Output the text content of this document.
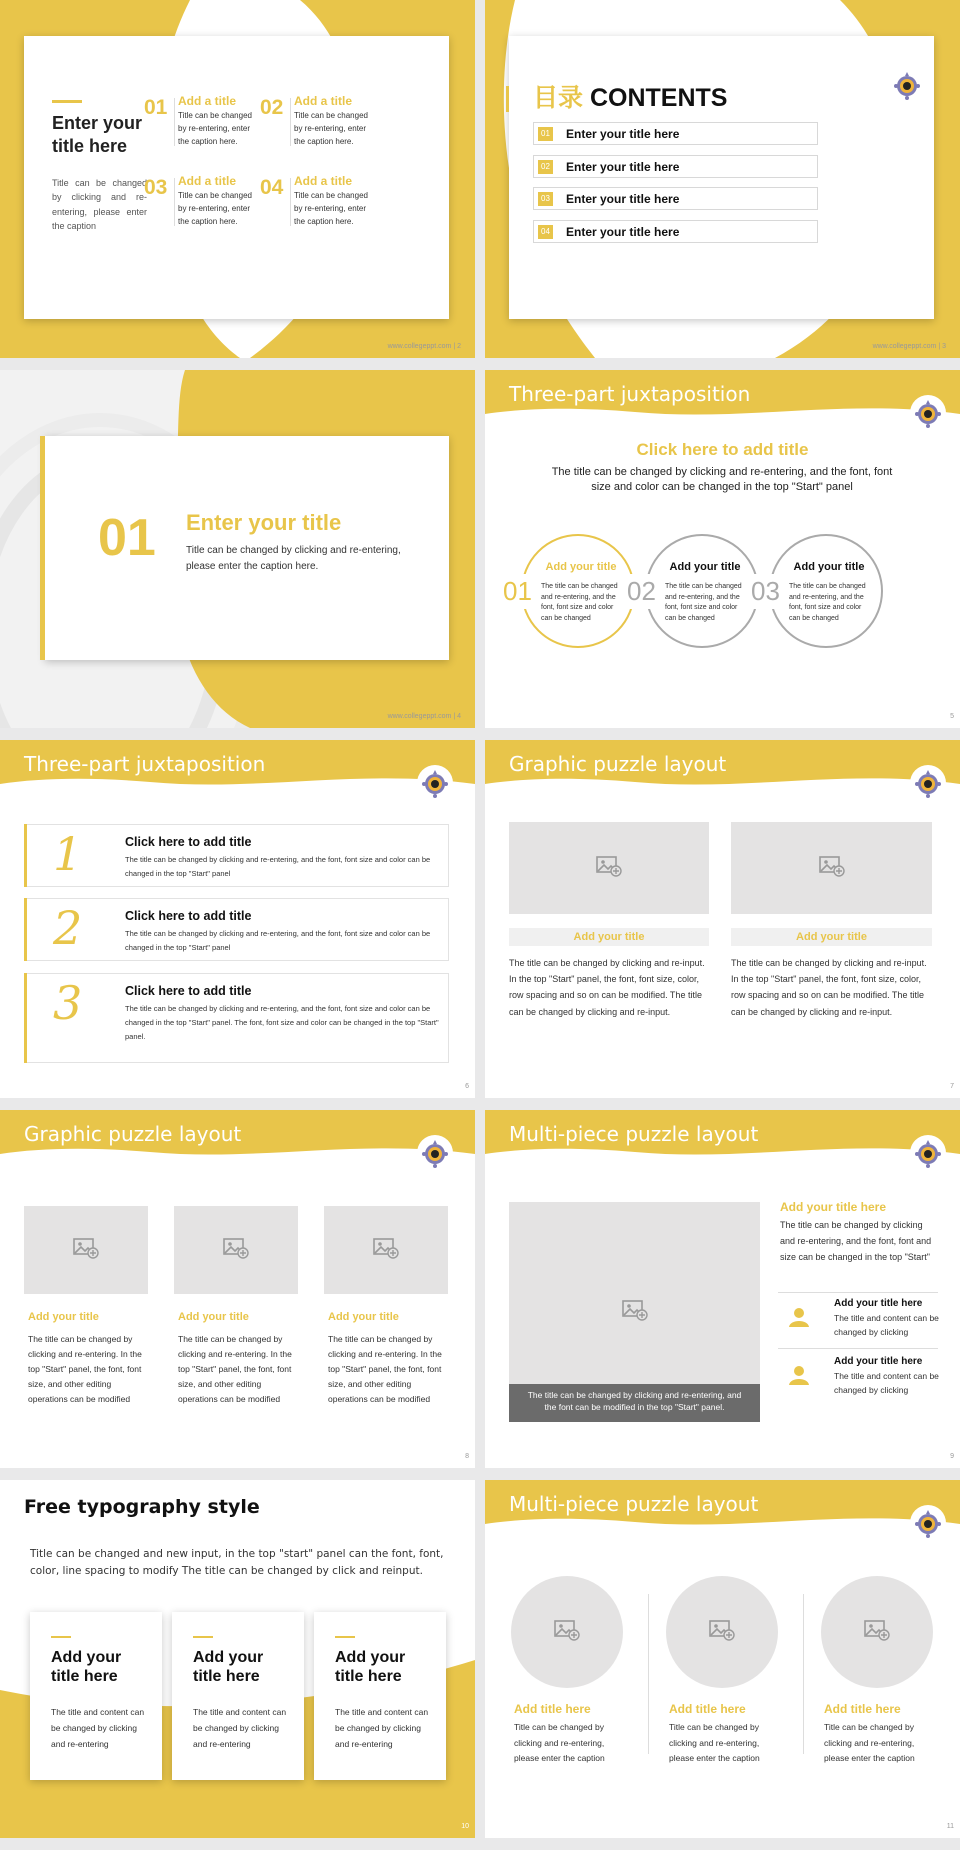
Enter your title here
Title can be changed by clicking and re-entering, please enter the caption
01 Add a title
Title can be changed by re-entering, enter the caption here.
02 Add a title
Title can be changed by re-entering, enter the caption here.
03 Add a title
Title can be changed by re-entering, enter the caption here.
04 Add a title
Title can be changed by re-entering, enter the caption here.
www.collegeppt.com | 2
目录 CONTENTS
01 Enter your title here
02 Enter your title here
03 Enter your title here
04 Enter your title here
www.collegeppt.com | 3
01 Enter your title
Title can be changed by clicking and re-entering, please enter the caption here.
www.collegeppt.com | 4
Three-part juxtaposition
Click here to add title
The title can be changed by clicking and re-entering, and the font, font size and color can be changed in the top "Start" panel
5
01
Add your title
The title can be changed and re-entering, and the font, font size and color can be changed
02
Add your title
The title can be changed and re-entering, and the font, font size and color can be changed
03
Add your title
The title can be changed and re-entering, and the font, font size and color can be changed
Three-part juxtaposition
1	Click here to add title
The title can be changed by clicking and re-entering, and the font, font size and color can be changed in the top "Start" panel
2	Click here to add title
The title can be changed by clicking and re-entering, and the font, font size and color can be changed in the top "Start" panel
3	Click here to add title
The title can be changed by clicking and re-entering, and the font, font size and color can be changed in the top "Start" panel. The font, font size and color can be changed in the top "Start" panel.
6
Graphic puzzle layout
Add your title
The title can be changed by clicking and re-input. In the top "Start" panel, the font, font size, color, row spacing and so on can be modified. The title can be changed by clicking and re-input.
Add your title
The title can be changed by clicking and re-input. In the top "Start" panel, the font, font size, color, row spacing and so on can be modified. The title can be changed by clicking and re-input.
7
Graphic puzzle layout
Add your title
The title can be changed by clicking and re-entering. In the top "Start" panel, the font, font size, and other editing operations can be modified
Add your title
The title can be changed by clicking and re-entering. In the top "Start" panel, the font, font size, and other editing operations can be modified
Add your title
The title can be changed by clicking and re-entering. In the top "Start" panel, the font, font size, and other editing operations can be modified
8
Multi-piece puzzle layout
The title can be changed by clicking and re-entering, and the font can be modified in the top "Start" panel.
Add your title here
The title can be changed by clicking and re-entering, and the font, font and size can be changed in the top "Start"
Add your title here
The title and content can be changed by clicking
Add your title here
The title and content can be changed by clicking
9
Free typography style
Title can be changed and new input, in the top "start" panel can the font, font, color, line spacing to modify The title can be changed by click and reinput.
Add your title here
The title and content can be changed by clicking and re-entering
Add your title here
The title and content can be changed by clicking and re-entering
Add your title here
The title and content can be changed by clicking and re-entering
10
Multi-piece puzzle layout
Add title here
Title can be changed by clicking and re-entering, please enter the caption
Add title here
Title can be changed by clicking and re-entering, please enter the caption
Add title here
Title can be changed by clicking and re-entering, please enter the caption
11
